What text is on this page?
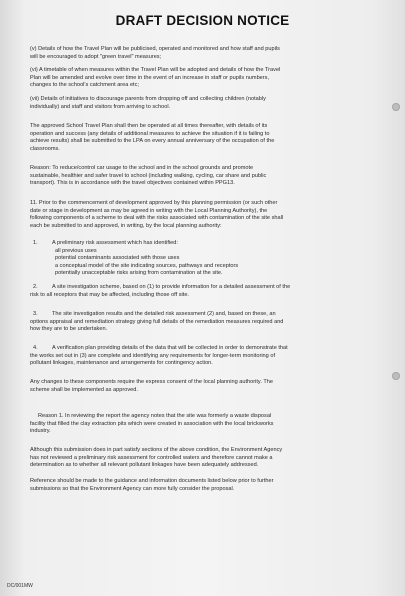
DRAFT DECISION NOTICE
(v) Details of how the Travel Plan will be publicised, operated and monitored and how staff and pupils
will be encouraged to adopt "green travel" measures;
(vi) A timetable of when measures within the Travel Plan will be adopted and details of how the Travel
Plan will be amended and evolve over time in the event of an increase in staff or pupils numbers,
changes to the school's catchment area etc;
(vii) Details of initiatives to discourage parents from dropping off and collecting children (notably
individually) and staff and visitors from arriving to school.
The approved School Travel Plan shall then be operated at all times thereafter, with details of its
operation and success (any details of additional measures to achieve the situation if it is failing to
achieve results) shall be submitted to the LPA on every annual anniversary of the occupation of the
classrooms.
Reason: To reduce/control car usage to the school and in the school grounds and promote
sustainable, healthier and safer travel to school (including walking, cycling, car share and public
transport). This is in accordance with the travel objectives contained within PPG13.
11. Prior to the commencement of development approved by this planning permission (or such other
date or stage in development as may be agreed in writing with the Local Planning Authority), the
following components of a scheme to deal with the risks associated with contamination of the site shall
each be submitted to and approved, in writing, by the local planning authority:
1.	A preliminary risk assessment which has identified:
all previous uses
potential contaminants associated with those uses
a conceptual model of the site indicating sources, pathways and receptors
potentially unacceptable risks arising from contamination at the site.
2.	A site investigation scheme, based on (1) to provide information for a detailed assessment of the
risk to all receptors that may be affected, including those off site.
3.	The site investigation results and the detailed risk assessment (2) and, based on these, an
options appraisal and remediation strategy giving full details of the remediation measures required and
how they are to be undertaken.
4.	A verification plan providing details of the data that will be collected in order to demonstrate that
the works set out in (3) are complete and identifying any requirements for longer-term monitoring of
pollutant linkages, maintenance and arrangements for contingency action.
Any changes to these components require the express consent of the local planning authority. The
scheme shall be implemented as approved.
Reason 1. In reviewing the report the agency notes that the site was formerly a waste disposal
facility that filled the clay extraction pits which were created in association with the local brickworks
industry.
Although this submission does in part satisfy sections of the above condition, the Environment Agency
has not reviewed a preliminary risk assessment for controlled waters and therefore cannot make a
determination as to whether all relevant pollutant linkages have been adequately addressed.
Reference should be made to the guidance and information documents listed below prior to further
submissions so that the Environment Agency can more fully consider the proposal.
DC/001MW
